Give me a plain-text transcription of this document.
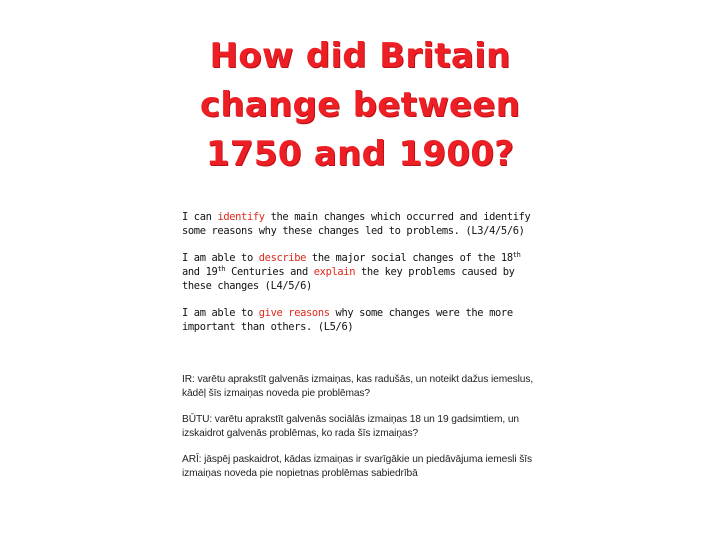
How did Britain
change between
1750 and 1900?

I can identify the main changes which occurred and identify some reasons why these changes led to problems. (L3/4/5/6)

I am able to describe the major social changes of the 18th and 19th Centuries and explain the key problems caused by these changes (L4/5/6)

I am able to give reasons why some changes were the more important than others. (L5/6)

IR: varētu aprakstīt galvenās izmaiņas, kas radušās, un noteikt dažus iemeslus, kādēļ šīs izmaiņas noveda pie problēmas?

BŪTU: varētu aprakstīt galvenās sociālās izmaiņas 18 un 19 gadsimtiem, un izskaidrot galvenās problēmas, ko rada šīs izmaiņas?

ARĪ: jāspēj paskaidrot, kādas izmaiņas ir svarīgākie un piedāvājuma iemesli šīs izmaiņas noveda pie nopietnas problēmas sabiedrībā
